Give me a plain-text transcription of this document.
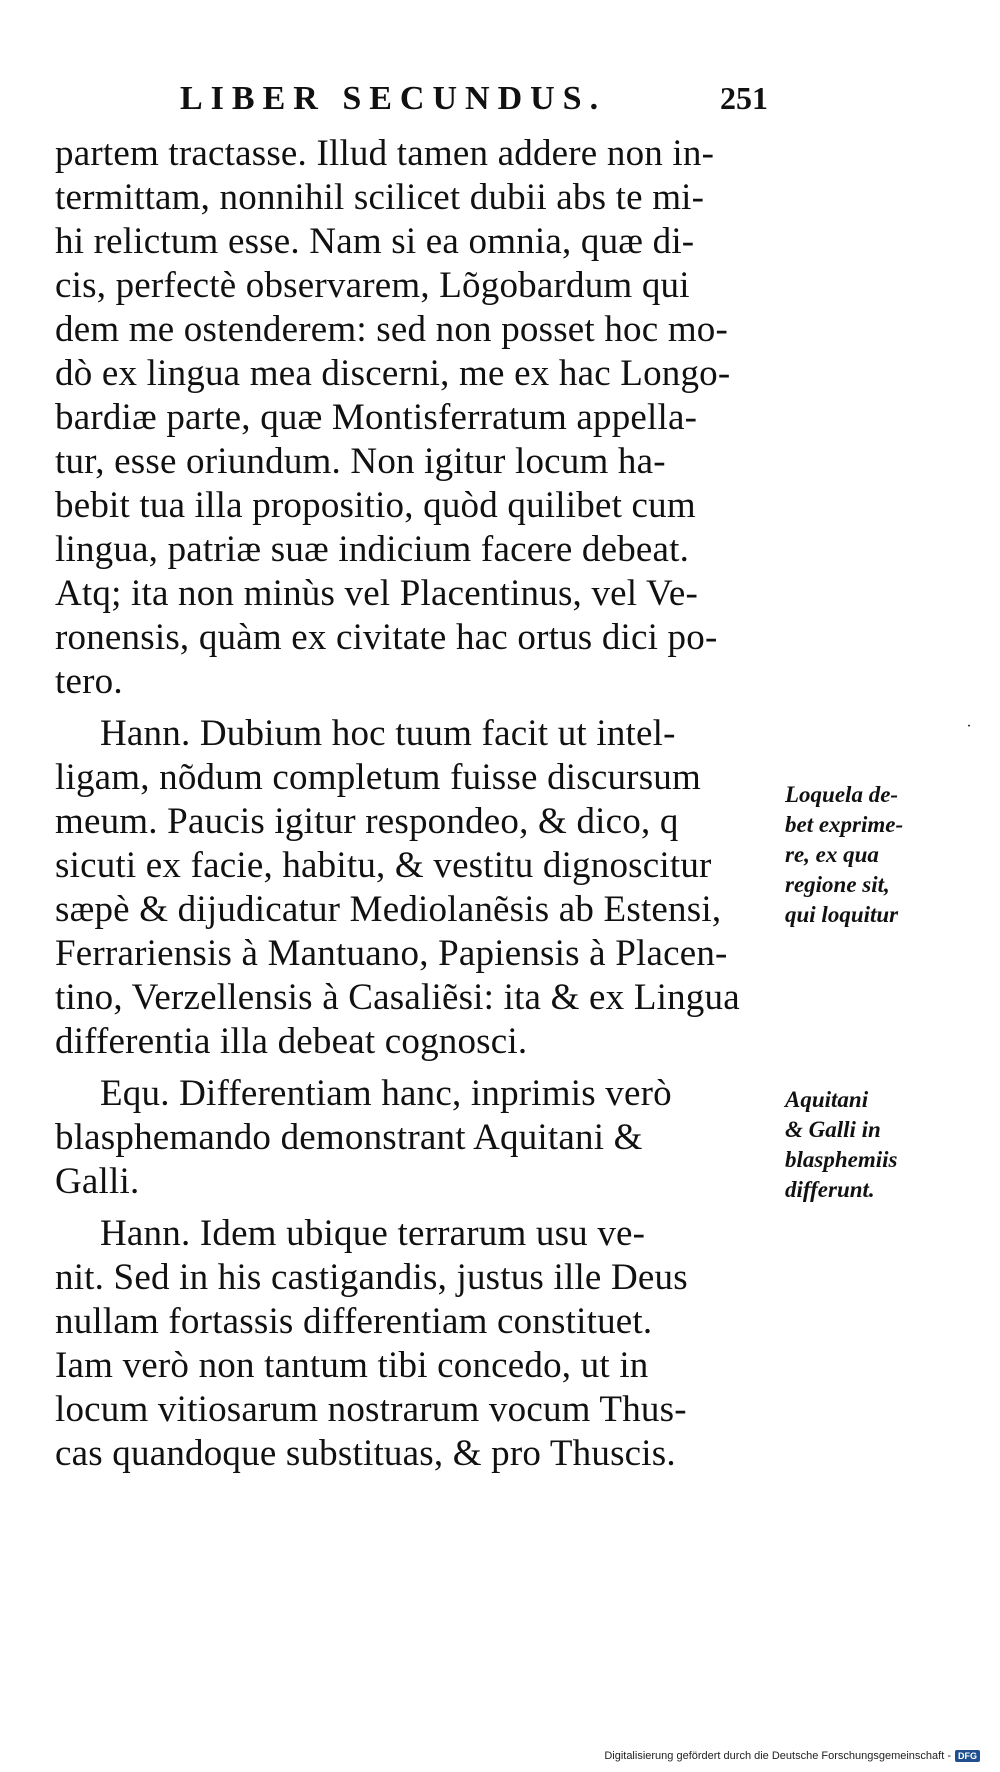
LIBER SECUNDUS.	251
partem tractasse. Illud tamen addere non in-
termittam, nonnihil scilicet dubii abs te mi-
hi relictum esse. Nam si ea omnia, quæ di-
cis, perfectè observarem, Lõgobardum qui
dem me ostenderem: sed non posset hoc mo-
dò ex lingua mea discerni, me ex hac Longo-
bardiæ parte, quæ Montisferratum appella-
tur, esse oriundum. Non igitur locum ha-
bebit tua illa propositio, quòd quilibet cum
lingua, patriæ suæ indicium facere debeat.
Atq; ita non minùs vel Placentinus, vel Ve-
ronensis, quàm ex civitate hac ortus dici po-
tero.
Hann. Dubium hoc tuum facit ut intel-
ligam, nõdum completum fuisse discursum
meum. Paucis igitur respondeo, & dico, q
sicuti ex facie, habitu, & vestitu dignoscitur
sæpè & dijudicatur Mediolanẽsis ab Estensi,
Ferrariensis à Mantuano, Papiensis à Placen-
tino, Verzellensis à Casaliẽsi: ita & ex Lingua
differentia illa debeat cognosci.
Equ. Differentiam hanc, inprimis verò
blasphemando demonstrant Aquitani &
Galli.
Hann. Idem ubique terrarum usu ve-
nit. Sed in his castigandis, justus ille Deus
nullam fortassis differentiam constituet.
Iam verò non tantum tibi concedo, ut in
locum vitiosarum nostrarum vocum Thus-
cas quandoque substituas, & pro Thuscis.
Loquela de-
bet exprime-
re, ex qua
regione sit,
qui loquitur
Aquitani
& Galli in
blasphemiis
differunt.
˙
Digitalisierung gefördert durch die Deutsche Forschungsgemeinschaft - DFG
